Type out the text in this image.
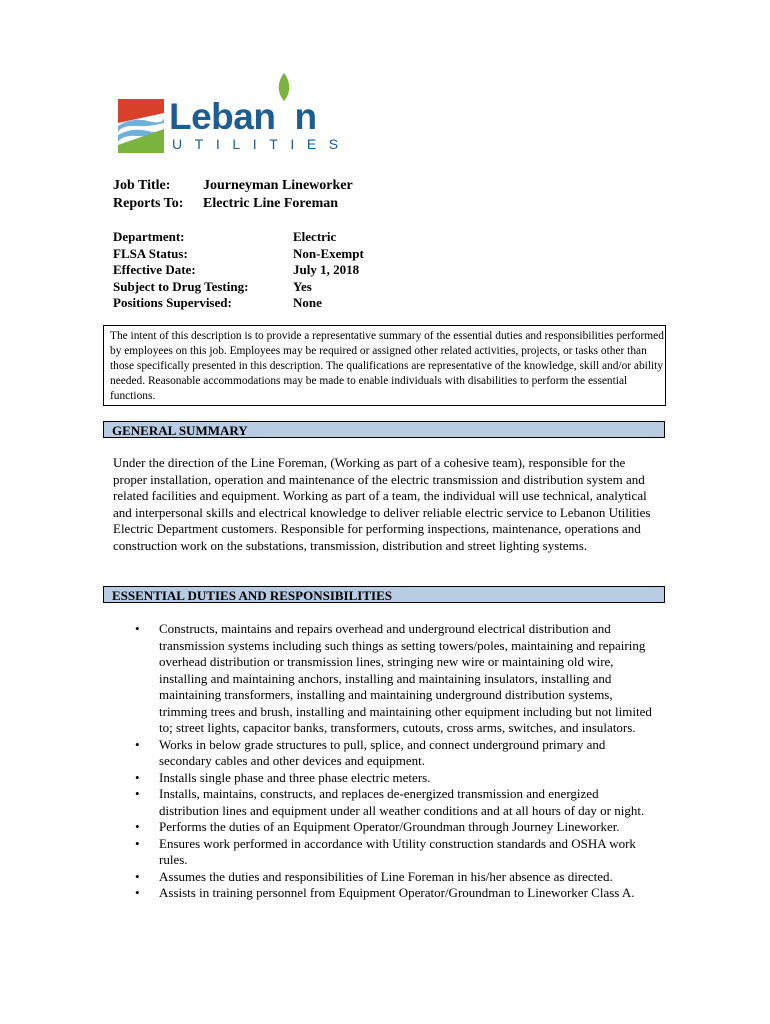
Leban n
UTILITIES
Job Title: Journeyman Lineworker
Reports To: Electric Line Foreman
Department:	Electric
FLSA Status:	Non-Exempt
Effective Date:	July 1, 2018
Subject to Drug Testing:	Yes
Positions Supervised:	None
The intent of this description is to provide a representative summary of the essential duties and responsibilities performed by employees on this job. Employees may be required or assigned other related activities, projects, or tasks other than those specifically presented in this description. The qualifications are representative of the knowledge, skill and/or ability needed. Reasonable accommodations may be made to enable individuals with disabilities to perform the essential functions.
GENERAL SUMMARY
Under the direction of the Line Foreman, (Working as part of a cohesive team), responsible for the proper installation, operation and maintenance of the electric transmission and distribution system and related facilities and equipment. Working as part of a team, the individual will use technical, analytical and interpersonal skills and electrical knowledge to deliver reliable electric service to Lebanon Utilities Electric Department customers. Responsible for performing inspections, maintenance, operations and construction work on the substations, transmission, distribution and street lighting systems.
ESSENTIAL DUTIES AND RESPONSIBILITIES
• Constructs, maintains and repairs overhead and underground electrical distribution and transmission systems including such things as setting towers/poles, maintaining and repairing overhead distribution or transmission lines, stringing new wire or maintaining old wire, installing and maintaining anchors, installing and maintaining insulators, installing and maintaining transformers, installing and maintaining underground distribution systems, trimming trees and brush, installing and maintaining other equipment including but not limited to; street lights, capacitor banks, transformers, cutouts, cross arms, switches, and insulators.
• Works in below grade structures to pull, splice, and connect underground primary and secondary cables and other devices and equipment.
• Installs single phase and three phase electric meters.
• Installs, maintains, constructs, and replaces de-energized transmission and energized distribution lines and equipment under all weather conditions and at all hours of day or night.
• Performs the duties of an Equipment Operator/Groundman through Journey Lineworker.
• Ensures work performed in accordance with Utility construction standards and OSHA work rules.
• Assumes the duties and responsibilities of Line Foreman in his/her absence as directed.
• Assists in training personnel from Equipment Operator/Groundman to Lineworker Class A.
